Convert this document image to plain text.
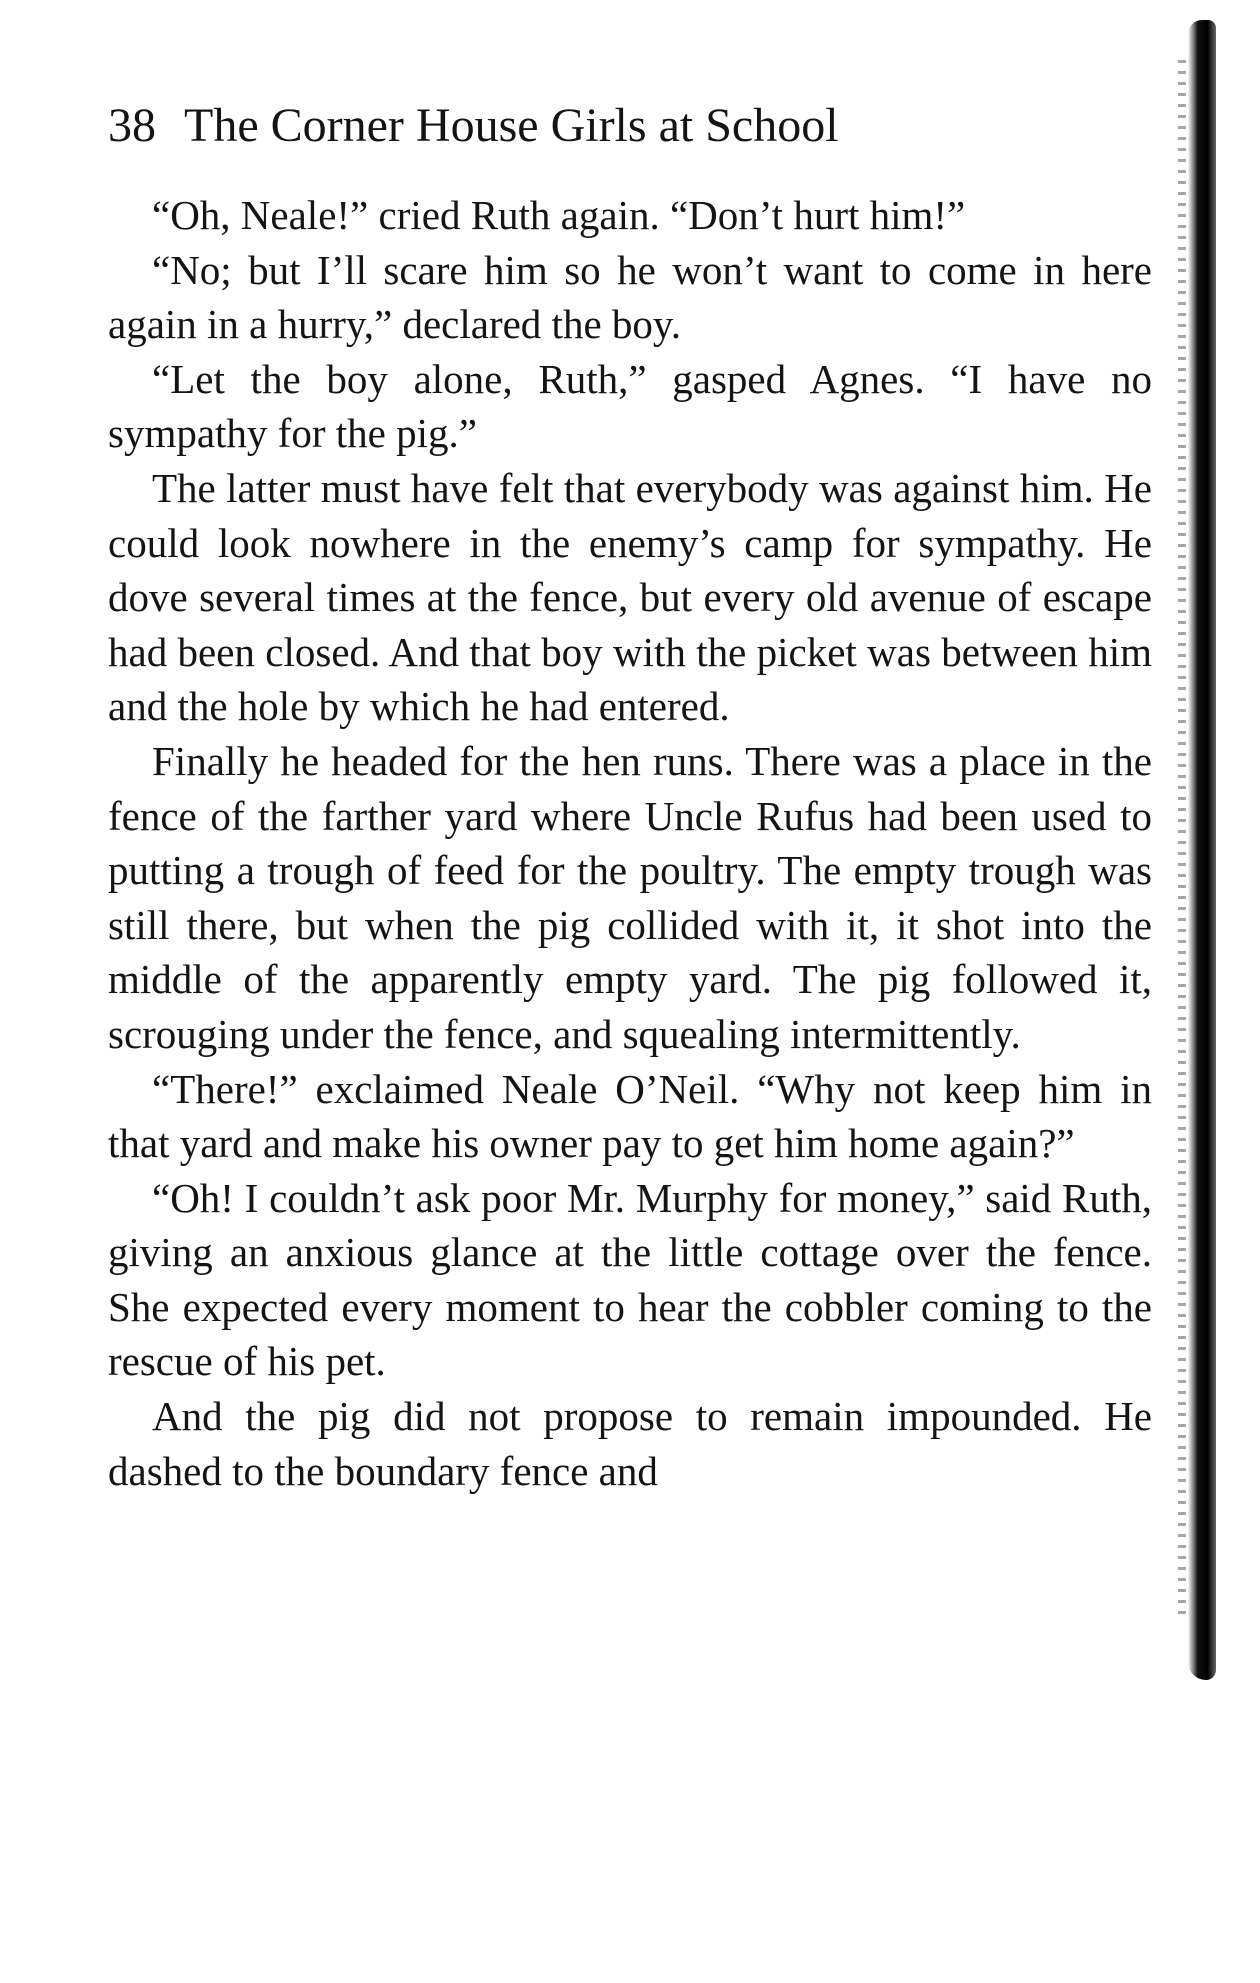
38 The Corner House Girls at School

“Oh, Neale!” cried Ruth again. “Don’t hurt him!”

“No; but I’ll scare him so he won’t want to come in here again in a hurry,” declared the boy.

“Let the boy alone, Ruth,” gasped Agnes. “I have no sympathy for the pig.”

The latter must have felt that everybody was against him. He could look nowhere in the enemy’s camp for sympathy. He dove several times at the fence, but every old avenue of escape had been closed. And that boy with the picket was between him and the hole by which he had entered.

Finally he headed for the hen runs. There was a place in the fence of the farther yard where Uncle Rufus had been used to putting a trough of feed for the poultry. The empty trough was still there, but when the pig collided with it, it shot into the middle of the apparently empty yard. The pig followed it, scrouging under the fence, and squealing intermittently.

“There!” exclaimed Neale O’Neil. “Why not keep him in that yard and make his owner pay to get him home again?”

“Oh! I couldn’t ask poor Mr. Murphy for money,” said Ruth, giving an anxious glance at the little cottage over the fence. She expected every moment to hear the cobbler coming to the rescue of his pet.

And the pig did not propose to remain impounded. He dashed to the boundary fence and
